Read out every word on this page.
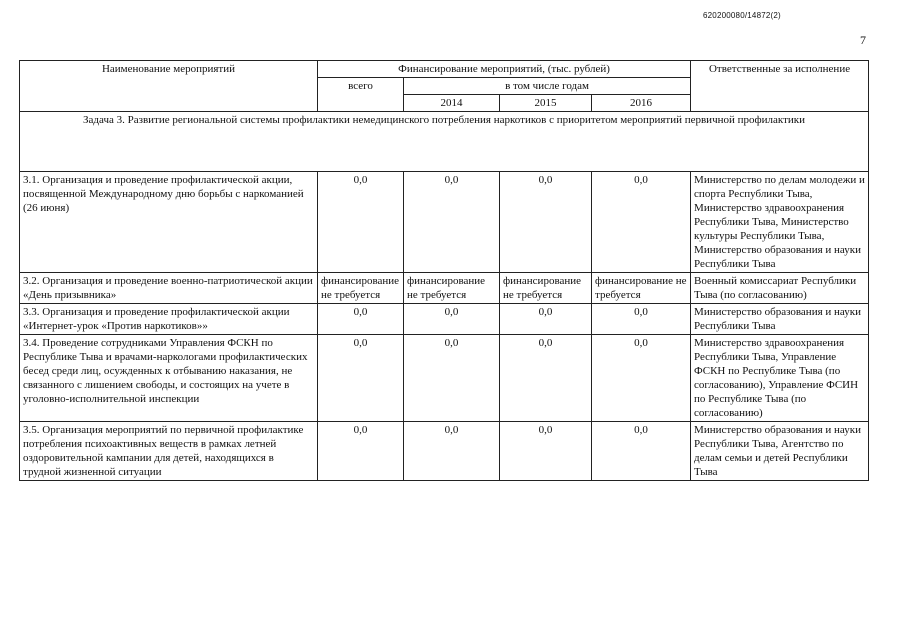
620200080/14872(2)
7
Наименование мероприятий	Финансирование мероприятий, (тыс. рублей)				Ответственные за исполнение
	всего	в том числе годам			
		2014	2015	2016	
Задача 3. Развитие региональной системы профилактики немедицинского потребления наркотиков с приоритетом мероприятий первичной профилактики					
3.1. Организация и проведение профилактической акции, посвященной Международному дню борьбы с наркоманией (26 июня)	0,0	0,0	0,0	0,0	Министерство по делам молодежи и спорта Республики Тыва, Министерство здравоохранения Республики Тыва, Министерство культуры Республики Тыва, Министерство образования и науки Республики Тыва
3.2. Организация и проведение военно-патриотической акции «День призывника»	финансирование не требуется	финансирование не требуется	финансирование не требуется	финансирование не требуется	Военный комиссариат Республики Тыва (по согласованию)
3.3. Организация и проведение профилактической акции «Интернет-урок «Против наркотиков»»	0,0	0,0	0,0	0,0	Министерство образования и науки Республики Тыва
3.4. Проведение сотрудниками Управления ФСКН по Республике Тыва и врачами-наркологами профилактических бесед среди лиц, осужденных к отбыванию наказания, не связанного с лишением свободы, и состоящих на учете в уголовно-исполнительной инспекции	0,0	0,0	0,0	0,0	Министерство здравоохранения Республики Тыва, Управление ФСКН по Республике Тыва (по согласованию), Управление ФСИН по Республике Тыва (по согласованию)
3.5. Организация мероприятий по первичной профилактике потребления психоактивных веществ в рамках летней оздоровительной кампании для детей, находящихся в трудной жизненной ситуации	0,0	0,0	0,0	0,0	Министерство образования и науки Республики Тыва, Агентство по делам семьи и детей Республики Тыва
